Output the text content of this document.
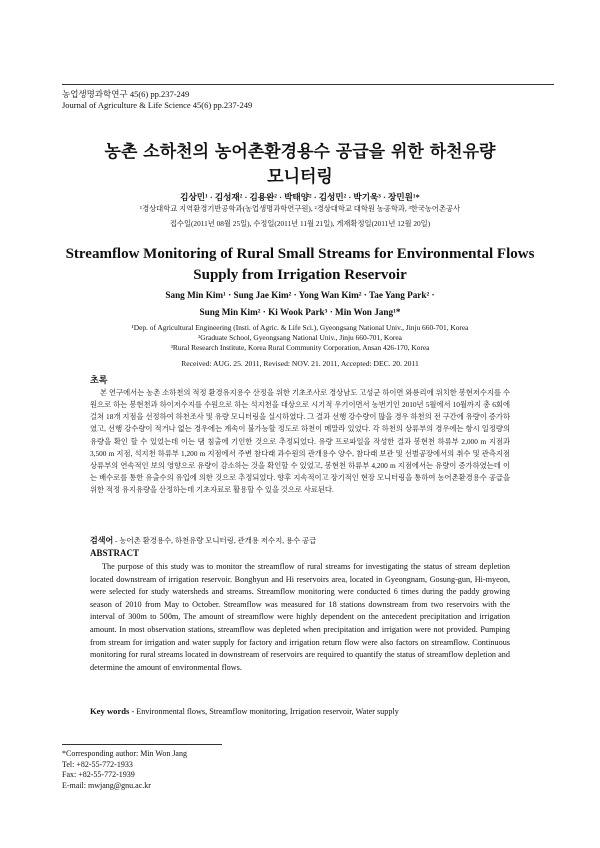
농업생명과학연구 45(6) pp.237-249
Journal of Agriculture & Life Science 45(6) pp.237-249
농촌 소하천의 농어촌환경용수 공급을 위한 하천유량
모니터링
김상민¹ · 김성재² · 김용완² · 박태양² · 김성민² · 박기욱³ · 장민원¹*
¹경상대학교 지역환경기반공학과(농업생명과학연구원), ²경상대학교 대학원 농공학과, ³한국농어촌공사
접수일(2011년 08월 25일), 수정일(2011년 11월 21일), 게재확정일(2011년 12월 20일)
Streamflow Monitoring of Rural Small Streams for Environmental Flows
Supply from Irrigation Reservoir
Sang Min Kim¹ · Sung Jae Kim² · Yong Wan Kim² · Tae Yang Park² ·
Sung Min Kim² · Ki Wook Park³ · Min Won Jang¹*
¹Dep. of Agricultural Engineering (Insti. of Agric. & Life Sci.), Gyeongsang National Univ., Jinju 660-701, Korea
²Graduate School, Gyeongsang National Univ., Jinju 660-701, Korea
³Rural Research Institute, Korea Rural Community Corporation, Ansan 426-170, Korea
Received: AUG. 25. 2011, Revised: NOV. 21. 2011, Accepted: DEC. 20. 2011
초록
본 연구에서는 농촌 소하천의 적정 환경유지용수 산정을 위한 기초조사로 경상남도 고성군 하이면 와룡리에 위치한 봉현저수지를 수원으로 하는 봉현천과 하이저수지를 수원으로 하는 석지천을 대상으로 시기적 우기이면서 농번기인 2010년 5월에서 10월까지 총 6회에 걸쳐 18개 지점을 선정하여 하천조사 및 유량 모니터링을 실시하였다. 그 결과 선행 강수량이 많을 경우 하천의 전 구간에 유량이 증가하였고, 선행 강수량이 적거나 없는 경우에는 계속이 불가능할 정도로 하천이 메말라 있었다. 각 하천의 상류부의 경우에는 항시 일정량의 유량을 확인 할 수 있었는데 이는 댐 침출에 기인한 것으로 추정되었다. 유량 프로파일을 작성한 결과 봉현천 하류부 2,000 m 지점과 3,500 m 지점, 석지천 하류부 1,200 m 지점에서 주변 참다래 과수원의 관개용수 양수, 참다래 보관 및 선별공장에서의 취수 및 관측지점 상류부의 연속적인 보의 영향으로 유량이 감소하는 것을 확인할 수 있었고, 봉현천 하류부 4,200 m 지점에서는 유량이 증가하였는데 이는 배수로를 통한 유출수의 유입에 의한 것으로 추정되었다. 향후 지속적이고 장기적인 현장 모니터링을 통하여 농어촌환경용수 공급을 위한 적정 유지유량을 산정하는데 기초자료로 활용할 수 있을 것으로 사료된다.
검색어 - 농어촌 환경용수, 하천유량 모니터링, 관개용 저수지, 용수 공급
ABSTRACT
The purpose of this study was to monitor the streamflow of rural streams for investigating the status of stream depletion located downstream of irrigation reservoir. Bonghyun and Hi reservoirs area, located in Gyeongnam, Gosung-gun, Hi-myeon, were selected for study watersheds and streams. Streamflow monitoring were conducted 6 times during the paddy growing season of 2010 from May to October. Streamflow was measured for 18 stations downstream from two reservoirs with the interval of 300m to 500m, The amount of streamflow were highly dependent on the antecedent precipitation and irrigation amount. In most observation stations, streamflow was depleted when precipitation and irrigation were not provided. Pumping from stream for irrigation and water supply for factory and irrigation return flow were also factors on streamflow. Continuous monitoring for rural streams located in downstream of reservoirs are required to quantify the status of streamflow depletion and determine the amount of environmental flows.
Key words - Environmental flows, Streamflow monitoring, Irrigation reservoir, Water supply
*Corresponding author: Min Won Jang
Tel: +82-55-772-1933
Fax: +82-55-772-1939
E-mail: mwjang@gnu.ac.kr
